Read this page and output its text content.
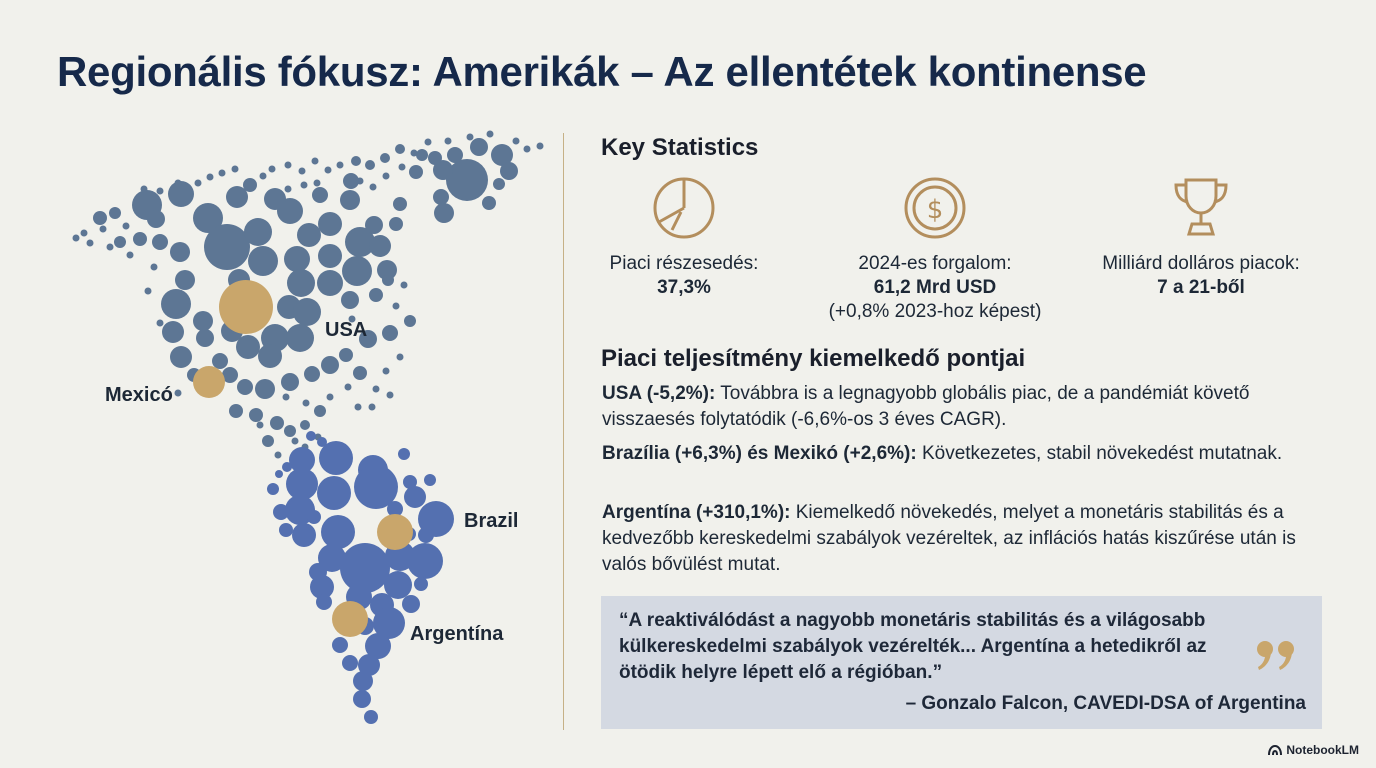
Regionális fókusz: Amerikák – Az ellentétek kontinense
USA
Mexicó
Brazil
Argentína
Key Statistics
Piaci részesedés:
37,3%
$
2024-es forgalom:
61,2 Mrd USD
(+0,8% 2023-hoz képest)
Milliárd dolláros piacok:
7 a 21-ből
Piaci teljesítmény kiemelkedő pontjai

USA (-5,2%): Továbbra is a legnagyobb globális piac, de a pandémiát követő visszaesés folytatódik (-6,6%-os 3 éves CAGR).

Brazília (+6,3%) és Mexikó (+2,6%): Következetes, stabil növekedést mutatnak.

Argentína (+310,1%): Kiemelkedő növekedés, melyet a monetáris stabilitás és a kedvezőbb kereskedelmi szabályok vezéreltek, az inflációs hatás kiszűrése után is valós bővülést mutat.

“A reaktiválódást a nagyobb monetáris stabilitás és a világosabb külkereskedelmi szabályok vezérelték... Argentína a hetedikről az ötödik helyre lépett elő a régióban.”
– Gonzalo Falcon, CAVEDI-DSA of Argentina
NotebookLM
